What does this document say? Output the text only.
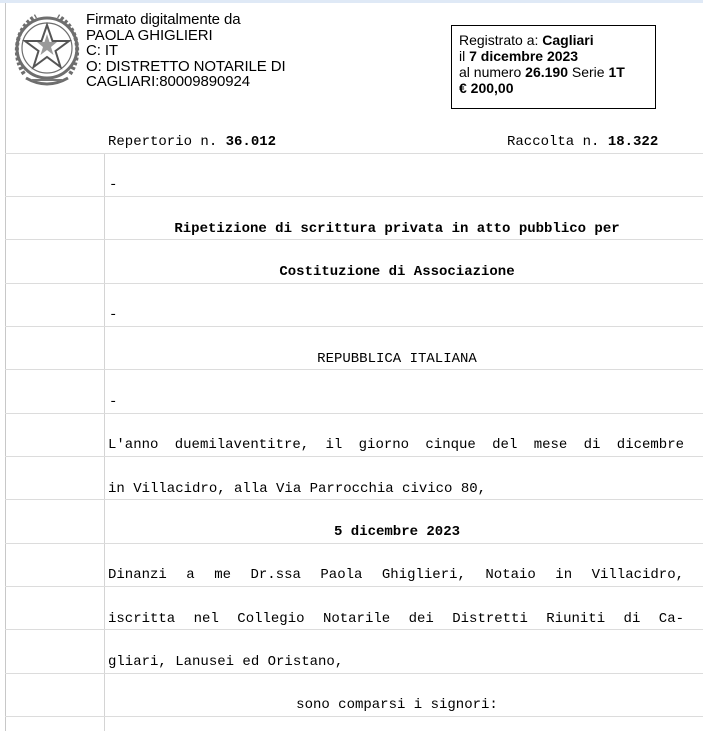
Firmato digitalmente da
PAOLA GHIGLIERI
C: IT
O: DISTRETTO NOTARILE DI
CAGLIARI:80009890924
Registrato a: Cagliari
il 7 dicembre 2023
al numero 26.190 Serie 1T
€ 200,00
Repertorio n. 36.012	Raccolta n. 18.322
-
Ripetizione di scrittura privata in atto pubblico per
Costituzione di Associazione
-
REPUBBLICA ITALIANA
-
L'anno duemilaventitre, il giorno cinque del mese di dicembre
in Villacidro, alla Via Parrocchia civico 80,
5 dicembre 2023
Dinanzi a me Dr.ssa Paola Ghiglieri, Notaio in Villacidro,
iscritta nel Collegio Notarile dei Distretti Riuniti di Ca-
gliari, Lanusei ed Oristano,
sono comparsi i signori:
